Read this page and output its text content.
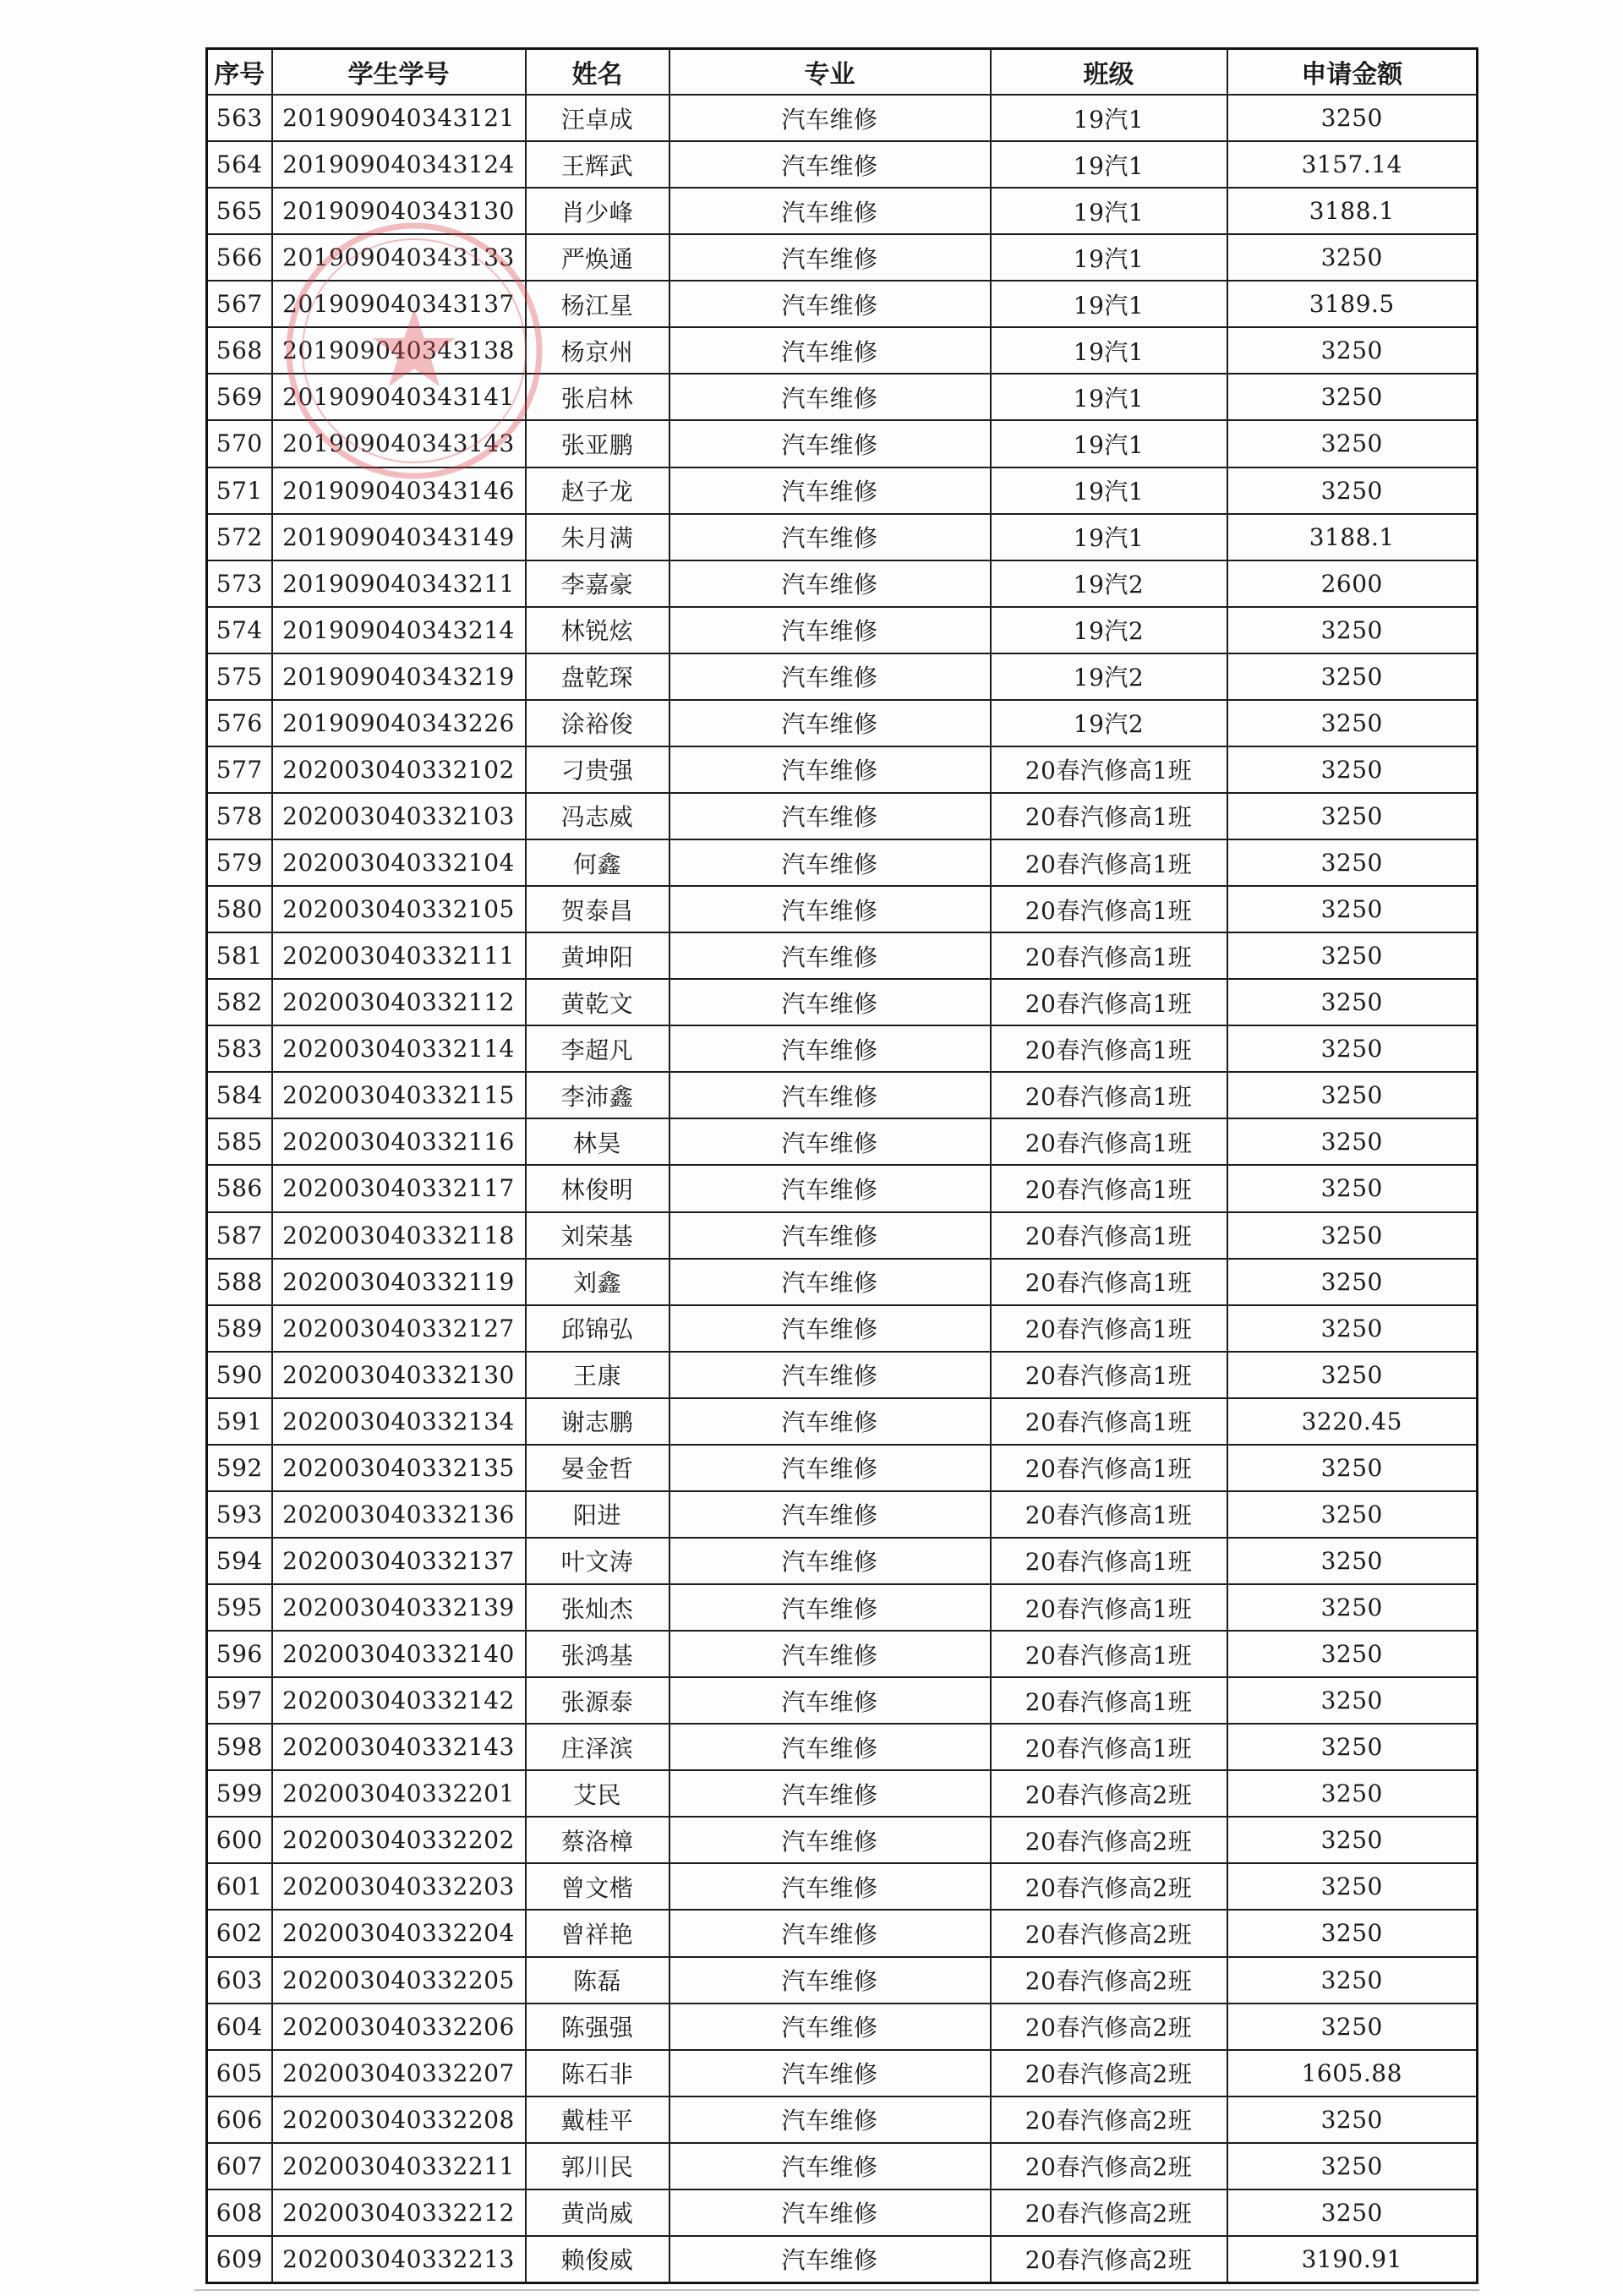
序号	学生学号	姓名	专业	班级	申请金额
563	201909040343121	汪卓成	汽车维修	19汽1	3250
564	201909040343124	王辉武	汽车维修	19汽1	3157.14
565	201909040343130	肖少峰	汽车维修	19汽1	3188.1
566	201909040343133	严焕通	汽车维修	19汽1	3250
567	201909040343137	杨江星	汽车维修	19汽1	3189.5
568	201909040343138	杨京州	汽车维修	19汽1	3250
569	201909040343141	张启林	汽车维修	19汽1	3250
570	201909040343143	张亚鹏	汽车维修	19汽1	3250
571	201909040343146	赵子龙	汽车维修	19汽1	3250
572	201909040343149	朱月满	汽车维修	19汽1	3188.1
573	201909040343211	李嘉豪	汽车维修	19汽2	2600
574	201909040343214	林锐炫	汽车维修	19汽2	3250
575	201909040343219	盘乾琛	汽车维修	19汽2	3250
576	201909040343226	涂裕俊	汽车维修	19汽2	3250
577	202003040332102	刁贵强	汽车维修	20春汽修高1班	3250
578	202003040332103	冯志威	汽车维修	20春汽修高1班	3250
579	202003040332104	何鑫	汽车维修	20春汽修高1班	3250
580	202003040332105	贺泰昌	汽车维修	20春汽修高1班	3250
581	202003040332111	黄坤阳	汽车维修	20春汽修高1班	3250
582	202003040332112	黄乾文	汽车维修	20春汽修高1班	3250
583	202003040332114	李超凡	汽车维修	20春汽修高1班	3250
584	202003040332115	李沛鑫	汽车维修	20春汽修高1班	3250
585	202003040332116	林昊	汽车维修	20春汽修高1班	3250
586	202003040332117	林俊明	汽车维修	20春汽修高1班	3250
587	202003040332118	刘荣基	汽车维修	20春汽修高1班	3250
588	202003040332119	刘鑫	汽车维修	20春汽修高1班	3250
589	202003040332127	邱锦弘	汽车维修	20春汽修高1班	3250
590	202003040332130	王康	汽车维修	20春汽修高1班	3250
591	202003040332134	谢志鹏	汽车维修	20春汽修高1班	3220.45
592	202003040332135	晏金哲	汽车维修	20春汽修高1班	3250
593	202003040332136	阳进	汽车维修	20春汽修高1班	3250
594	202003040332137	叶文涛	汽车维修	20春汽修高1班	3250
595	202003040332139	张灿杰	汽车维修	20春汽修高1班	3250
596	202003040332140	张鸿基	汽车维修	20春汽修高1班	3250
597	202003040332142	张源泰	汽车维修	20春汽修高1班	3250
598	202003040332143	庄泽滨	汽车维修	20春汽修高1班	3250
599	202003040332201	艾民	汽车维修	20春汽修高2班	3250
600	202003040332202	蔡洛樟	汽车维修	20春汽修高2班	3250
601	202003040332203	曾文楷	汽车维修	20春汽修高2班	3250
602	202003040332204	曾祥艳	汽车维修	20春汽修高2班	3250
603	202003040332205	陈磊	汽车维修	20春汽修高2班	3250
604	202003040332206	陈强强	汽车维修	20春汽修高2班	3250
605	202003040332207	陈石非	汽车维修	20春汽修高2班	1605.88
606	202003040332208	戴桂平	汽车维修	20春汽修高2班	3250
607	202003040332211	郭川民	汽车维修	20春汽修高2班	3250
608	202003040332212	黄尚威	汽车维修	20春汽修高2班	3250
609	202003040332213	赖俊威	汽车维修	20春汽修高2班	3190.91
